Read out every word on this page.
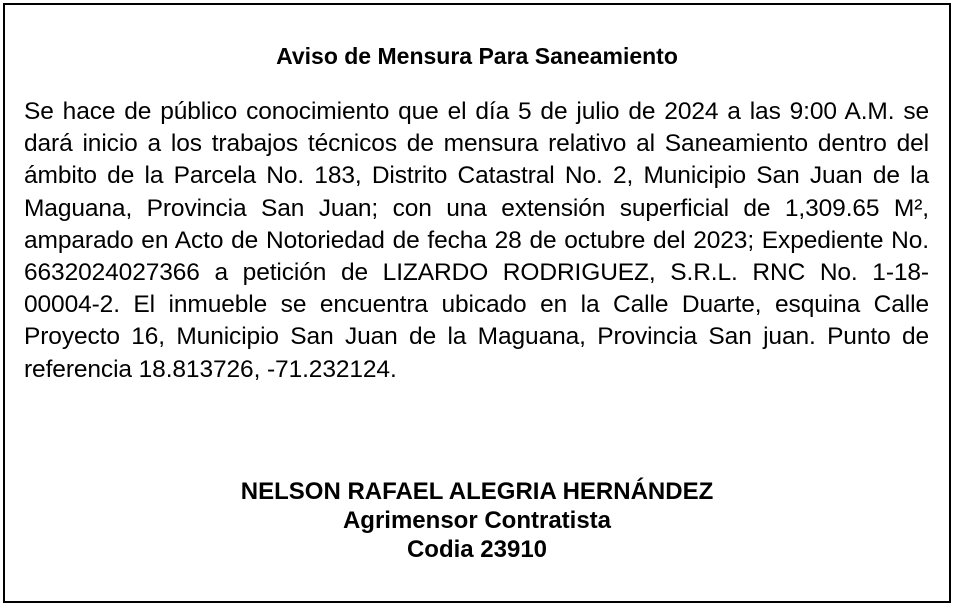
Aviso de Mensura Para Saneamiento

Se hace de público conocimiento que el día 5 de julio de 2024 a las 9:00 A.M. se dará inicio a los trabajos técnicos de mensura relativo al Saneamiento dentro del ámbito de la Parcela No. 183, Distrito Catastral No. 2, Municipio San Juan de la Maguana, Provincia San Juan; con una extensión superficial de 1,309.65 M², amparado en Acto de Notoriedad de fecha 28 de octubre del 2023; Expediente No. 6632024027366 a petición de LIZARDO RODRIGUEZ, S.R.L. RNC No. 1-18-00004-2. El inmueble se encuentra ubicado en la Calle Duarte, esquina Calle Proyecto 16, Municipio San Juan de la Maguana, Provincia San juan. Punto de referencia 18.813726, -71.232124.

NELSON RAFAEL ALEGRIA HERNÁNDEZ
Agrimensor Contratista
Codia 23910
